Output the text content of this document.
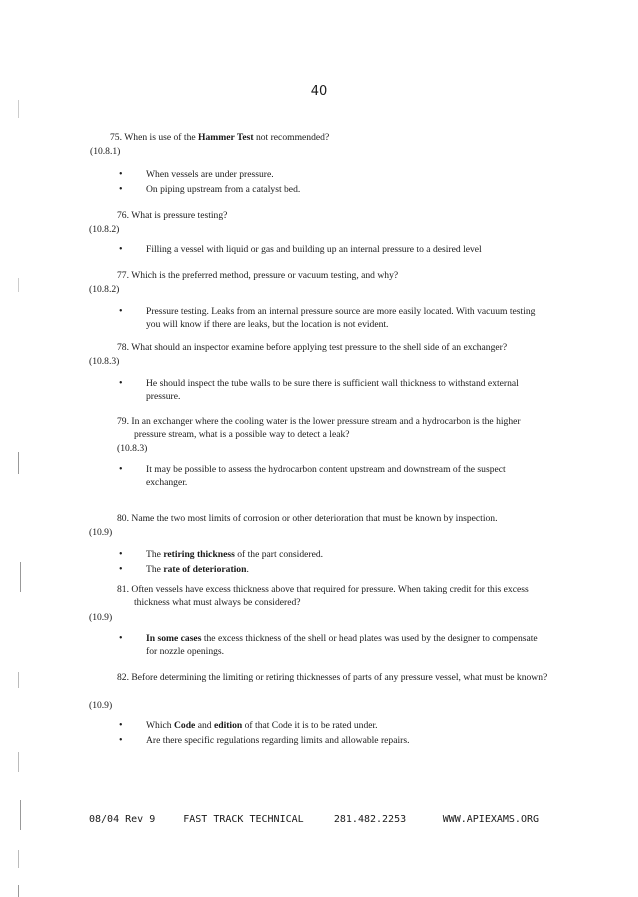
40
75. When is use of the Hammer Test not recommended?
(10.8.1)
• When vessels are under pressure.
• On piping upstream from a catalyst bed.
76. What is pressure testing?
(10.8.2)
• Filling a vessel with liquid or gas and building up an internal pressure to a desired level
77. Which is the preferred method, pressure or vacuum testing, and why?
(10.8.2)
• Pressure testing. Leaks from an internal pressure source are more easily located. With vacuum testing you will know if there are leaks, but the location is not evident.
78. What should an inspector examine before applying test pressure to the shell side of an exchanger?
(10.8.3)
• He should inspect the tube walls to be sure there is sufficient wall thickness to withstand external pressure.
79. In an exchanger where the cooling water is the lower pressure stream and a hydrocarbon is the higher pressure stream, what is a possible way to detect a leak?
(10.8.3)
• It may be possible to assess the hydrocarbon content upstream and downstream of the suspect exchanger.
80. Name the two most limits of corrosion or other deterioration that must be known by inspection.
(10.9)
• The retiring thickness of the part considered.
• The rate of deterioration.
81. Often vessels have excess thickness above that required for pressure. When taking credit for this excess thickness what must always be considered?
(10.9)
• In some cases the excess thickness of the shell or head plates was used by the designer to compensate for nozzle openings.
82. Before determining the limiting or retiring thicknesses of parts of any pressure vessel, what must be known?
(10.9)
• Which Code and edition of that Code it is to be rated under.
• Are there specific regulations regarding limits and allowable repairs.
08/04 Rev 9	FAST TRACK TECHNICAL	281.482.2253	WWW.APIEXAMS.ORG
